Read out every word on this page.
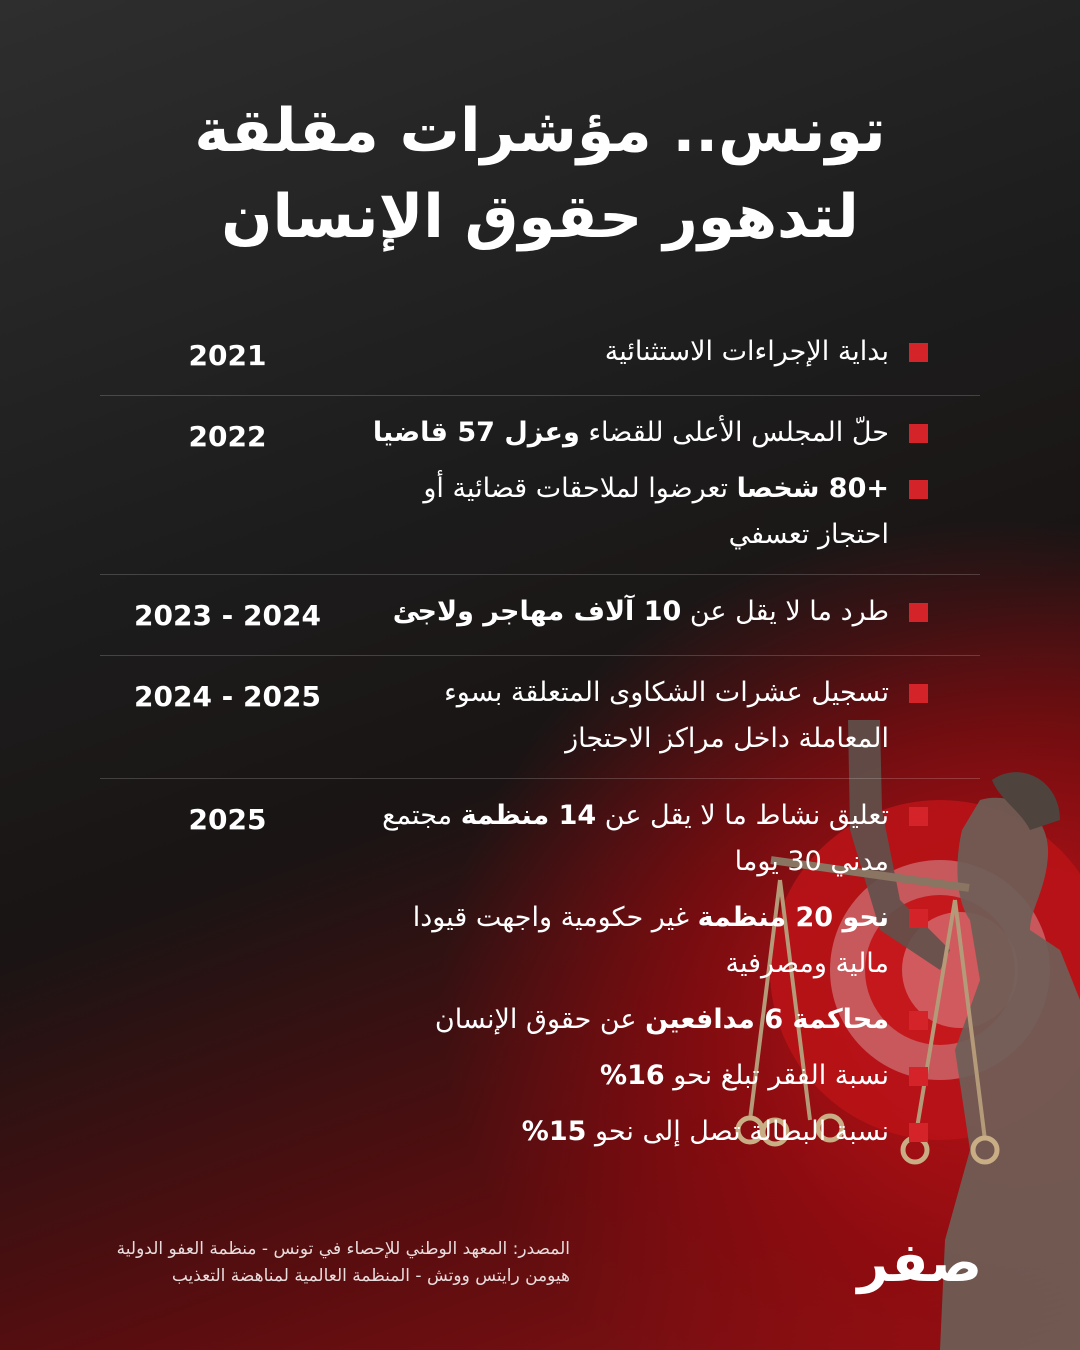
تونس.. مؤشرات مقلقة
لتدهور حقوق الإنسان
بداية الإجراءات الاستثنائية
2021
حلّ المجلس الأعلى للقضاء وعزل 57 قاضيا
+80 شخصا تعرضوا لملاحقات قضائية أو احتجاز تعسفي
2022
طرد ما لا يقل عن 10 آلاف مهاجر ولاجئ
2023 - 2024
تسجيل عشرات الشكاوى المتعلقة بسوء المعاملة داخل مراكز الاحتجاز
2024 - 2025
تعليق نشاط ما لا يقل عن 14 منظمة مجتمع مدني 30 يوما
نحو 20 منظمة غير حكومية واجهت قيودا مالية ومصرفية
محاكمة 6 مدافعين عن حقوق الإنسان
نسبة الفقر تبلغ نحو 16%
نسبة البطالة تصل إلى نحو 15%
2025
المصدر: المعهد الوطني للإحصاء في تونس - منظمة العفو الدولية
هيومن رايتس ووتش - المنظمة العالمية لمناهضة التعذيب	صفر
